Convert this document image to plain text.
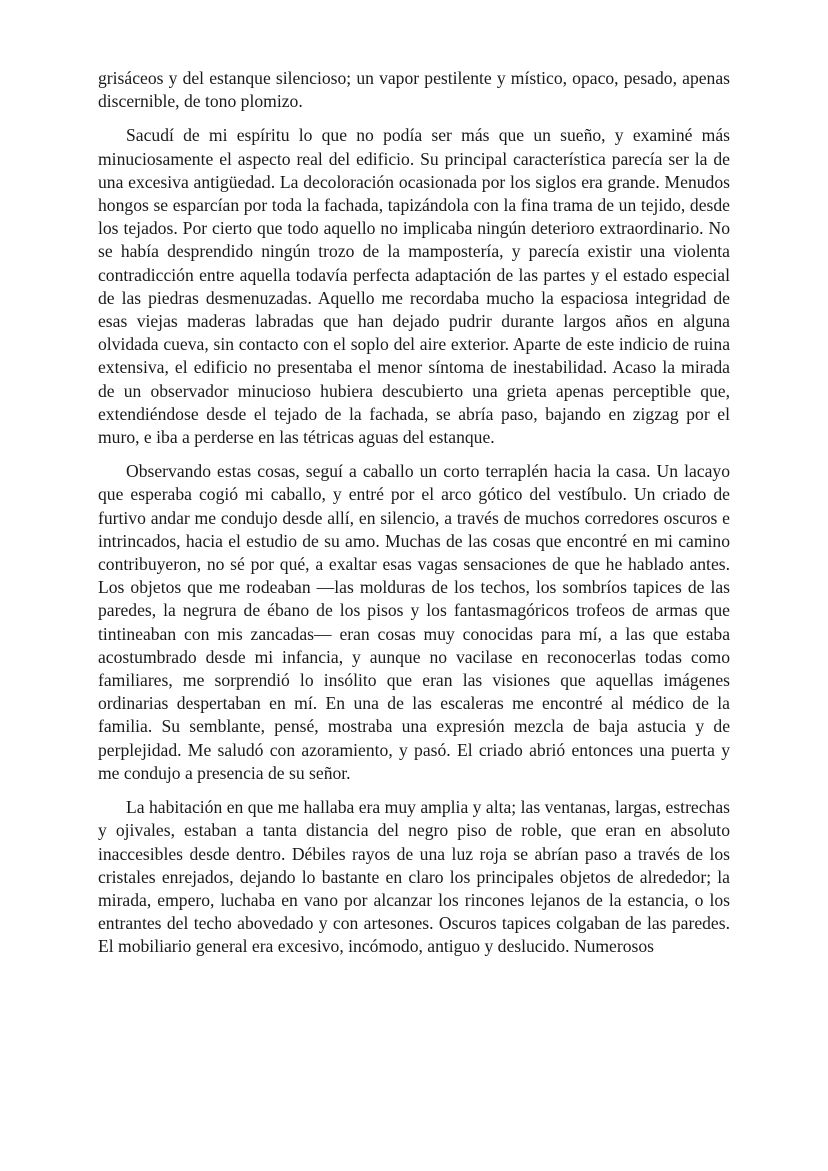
grisáceos y del estanque silencioso; un vapor pestilente y místico, opaco, pesado, apenas discernible, de tono plomizo.

Sacudí de mi espíritu lo que no podía ser más que un sueño, y examiné más minuciosamente el aspecto real del edificio. Su principal característica parecía ser la de una excesiva antigüedad. La decoloración ocasionada por los siglos era grande. Menudos hongos se esparcían por toda la fachada, tapizándola con la fina trama de un tejido, desde los tejados. Por cierto que todo aquello no implicaba ningún deterioro extraordinario. No se había desprendido ningún trozo de la mampostería, y parecía existir una violenta contradicción entre aquella todavía perfecta adaptación de las partes y el estado especial de las piedras desmenuzadas. Aquello me recordaba mucho la espaciosa integridad de esas viejas maderas labradas que han dejado pudrir durante largos años en alguna olvidada cueva, sin contacto con el soplo del aire exterior. Aparte de este indicio de ruina extensiva, el edificio no presentaba el menor síntoma de inestabilidad. Acaso la mirada de un observador minucioso hubiera descubierto una grieta apenas perceptible que, extendiéndose desde el tejado de la fachada, se abría paso, bajando en zigzag por el muro, e iba a perderse en las tétricas aguas del estanque.

Observando estas cosas, seguí a caballo un corto terraplén hacia la casa. Un lacayo que esperaba cogió mi caballo, y entré por el arco gótico del vestíbulo. Un criado de furtivo andar me condujo desde allí, en silencio, a través de muchos corredores oscuros e intrincados, hacia el estudio de su amo. Muchas de las cosas que encontré en mi camino contribuyeron, no sé por qué, a exaltar esas vagas sensaciones de que he hablado antes. Los objetos que me rodeaban —las molduras de los techos, los sombríos tapices de las paredes, la negrura de ébano de los pisos y los fantasmagóricos trofeos de armas que tintineaban con mis zancadas— eran cosas muy conocidas para mí, a las que estaba acostumbrado desde mi infancia, y aunque no vacilase en reconocerlas todas como familiares, me sorprendió lo insólito que eran las visiones que aquellas imágenes ordinarias despertaban en mí. En una de las escaleras me encontré al médico de la familia. Su semblante, pensé, mostraba una expresión mezcla de baja astucia y de perplejidad. Me saludó con azoramiento, y pasó. El criado abrió entonces una puerta y me condujo a presencia de su señor.

La habitación en que me hallaba era muy amplia y alta; las ventanas, largas, estrechas y ojivales, estaban a tanta distancia del negro piso de roble, que eran en absoluto inaccesibles desde dentro. Débiles rayos de una luz roja se abrían paso a través de los cristales enrejados, dejando lo bastante en claro los principales objetos de alrededor; la mirada, empero, luchaba en vano por alcanzar los rincones lejanos de la estancia, o los entrantes del techo abovedado y con artesones. Oscuros tapices colgaban de las paredes. El mobiliario general era excesivo, incómodo, antiguo y deslucido. Numerosos
